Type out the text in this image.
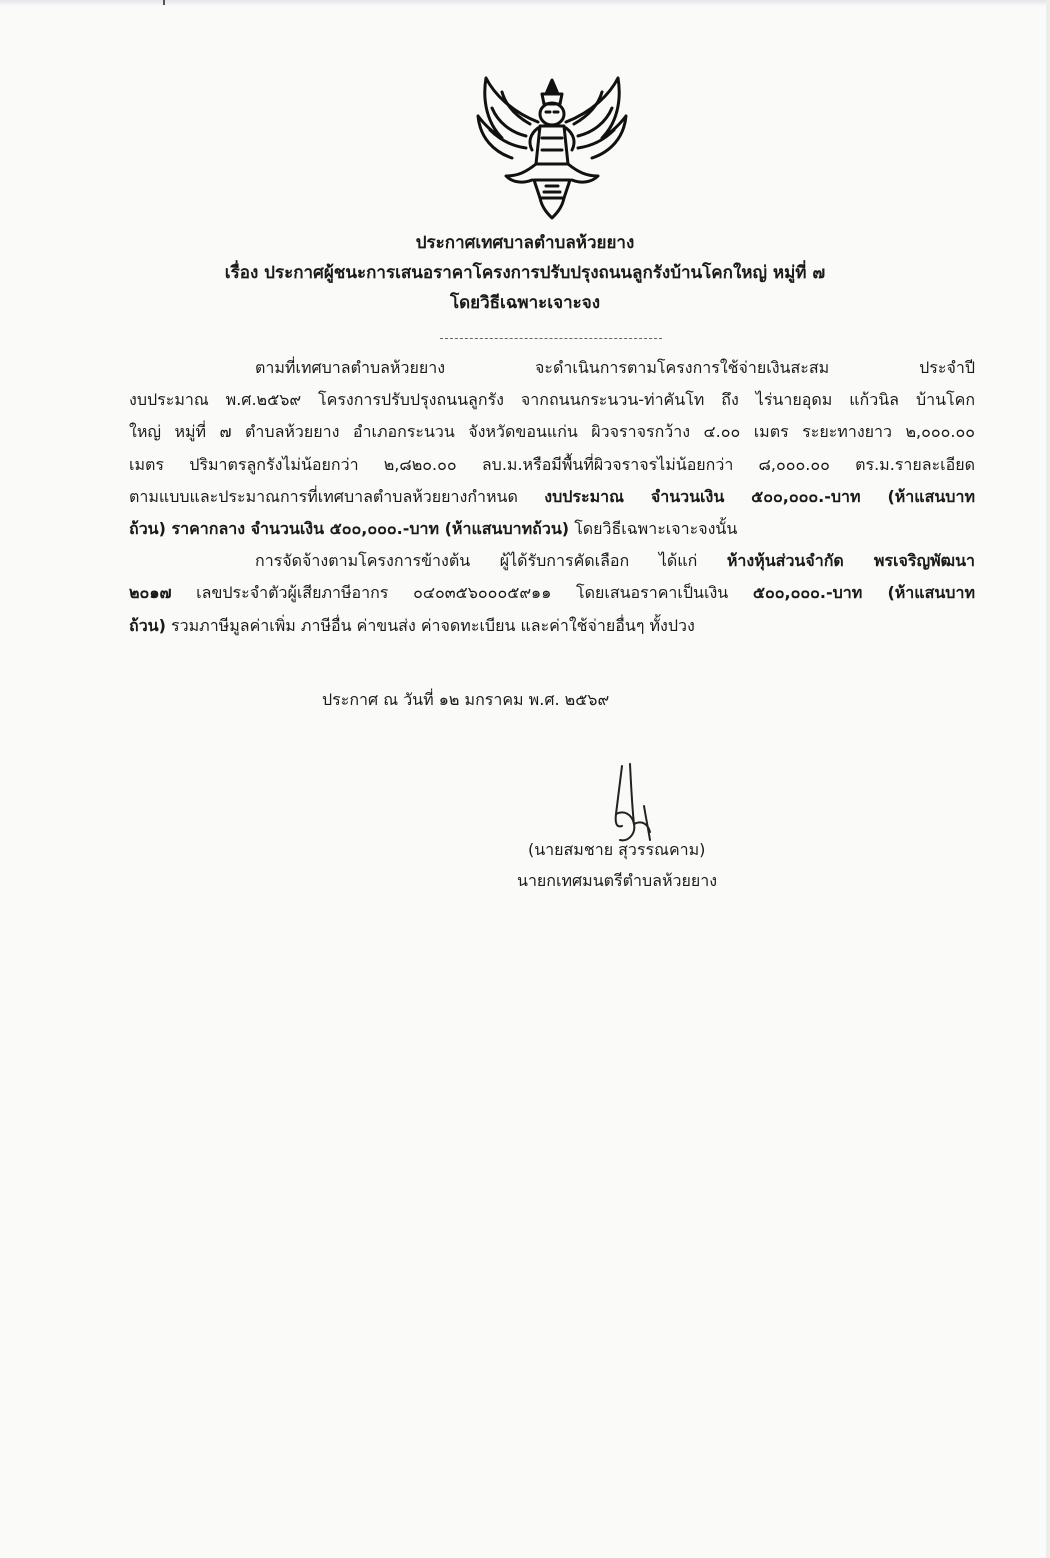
ประกาศเทศบาลตำบลห้วยยาง
เรื่อง ประกาศผู้ชนะการเสนอราคาโครงการปรับปรุงถนนลูกรังบ้านโคกใหญ่ หมู่ที่ ๗
โดยวิธีเฉพาะเจาะจง
ตามที่เทศบาลตำบลห้วยยาง จะดำเนินการตามโครงการใช้จ่ายเงินสะสม ประจำปี
งบประมาณ พ.ศ.๒๕๖๙ โครงการปรับปรุงถนนลูกรัง จากถนนกระนวน-ท่าคันโท ถึง ไร่นายอุดม แก้วนิล บ้านโคก
ใหญ่ หมู่ที่ ๗ ตำบลห้วยยาง อำเภอกระนวน จังหวัดขอนแก่น ผิวจราจรกว้าง ๔.๐๐ เมตร ระยะทางยาว ๒,๐๐๐.๐๐
เมตร ปริมาตรลูกรังไม่น้อยกว่า ๒,๘๒๐.๐๐ ลบ.ม.หรือมีพื้นที่ผิวจราจรไม่น้อยกว่า ๘,๐๐๐.๐๐ ตร.ม.รายละเอียด
ตามแบบและประมาณการที่เทศบาลตำบลห้วยยางกำหนด งบประมาณ จำนวนเงิน ๕๐๐,๐๐๐.-บาท (ห้าแสนบาท
ถ้วน) ราคากลาง จำนวนเงิน ๕๐๐,๐๐๐.-บาท (ห้าแสนบาทถ้วน) โดยวิธีเฉพาะเจาะจงนั้น
การจัดจ้างตามโครงการข้างต้น ผู้ได้รับการคัดเลือก ได้แก่ ห้างหุ้นส่วนจำกัด พรเจริญพัฒนา
๒๐๑๗ เลขประจำตัวผู้เสียภาษีอากร ๐๔๐๓๕๖๐๐๐๕๙๑๑ โดยเสนอราคาเป็นเงิน ๕๐๐,๐๐๐.-บาท (ห้าแสนบาท
ถ้วน) รวมภาษีมูลค่าเพิ่ม ภาษีอื่น ค่าขนส่ง ค่าจดทะเบียน และค่าใช้จ่ายอื่นๆ ทั้งปวง
ประกาศ ณ วันที่ ๑๒ มกราคม พ.ศ. ๒๕๖๙
(นายสมชาย สุวรรณคาม)
นายกเทศมนตรีตำบลห้วยยาง
